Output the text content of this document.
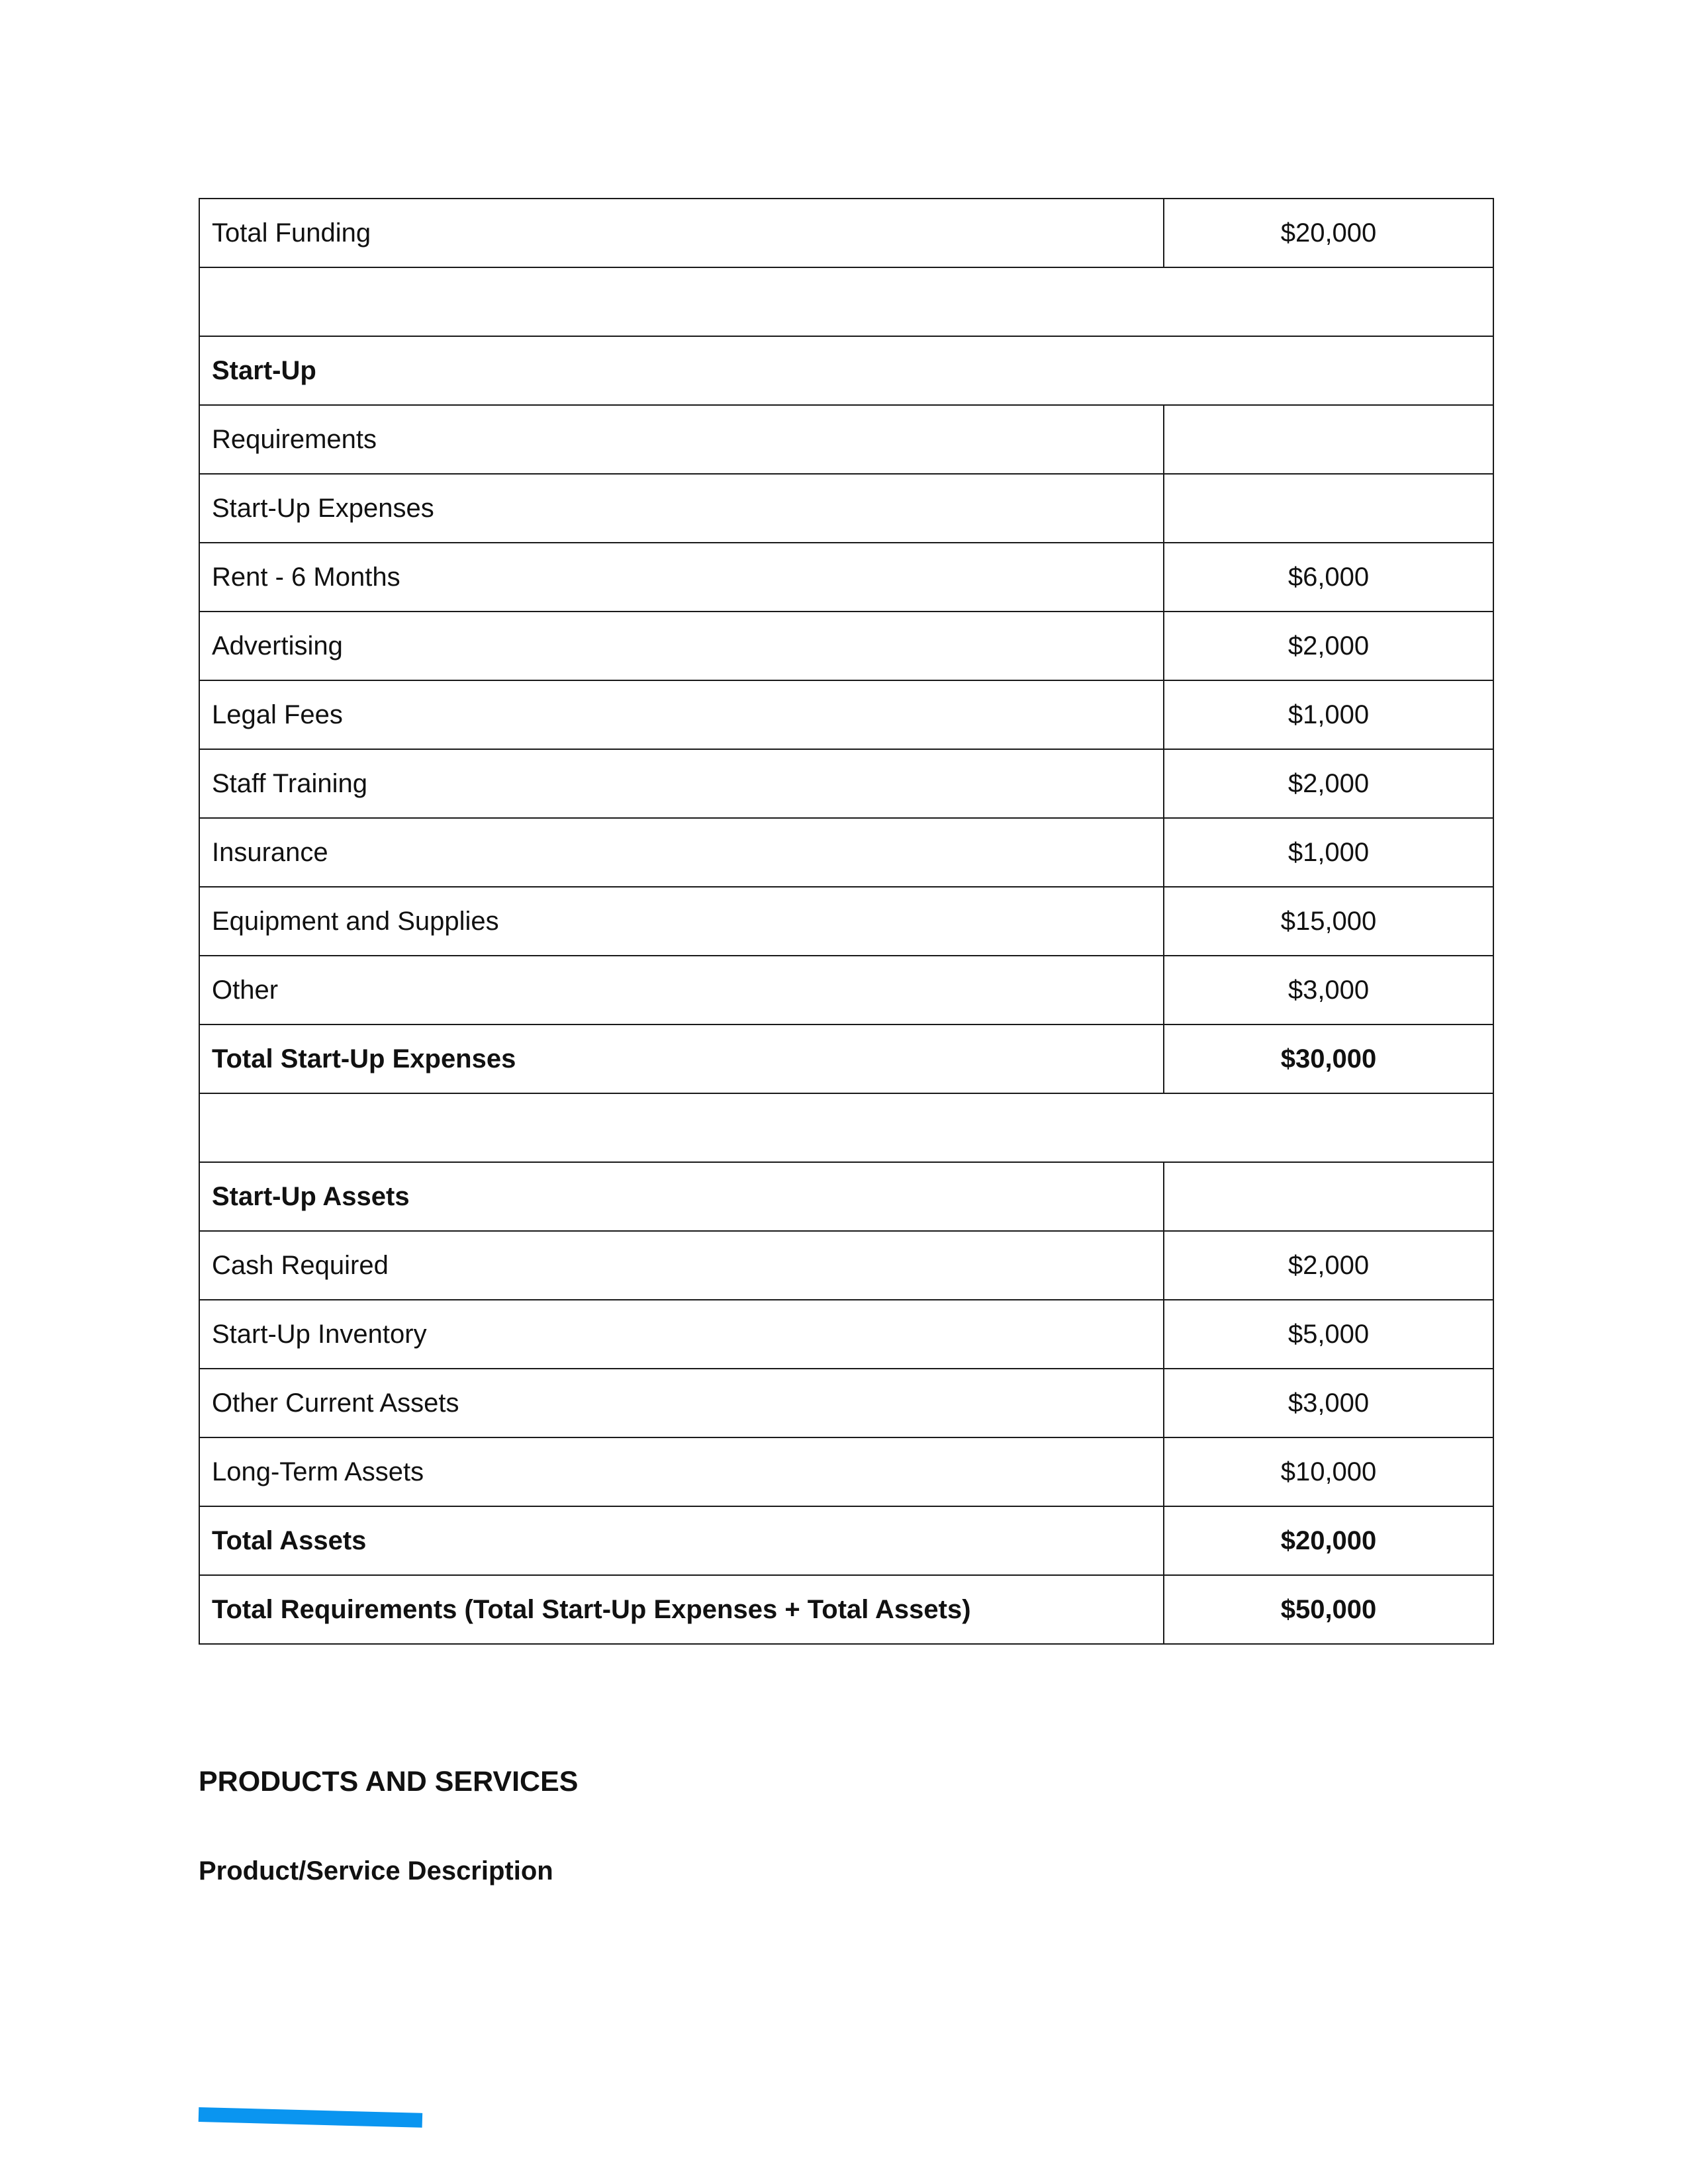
Total Funding	$20,000

Start-Up	
Requirements	
Start-Up Expenses	
Rent - 6 Months	$6,000
Advertising	$2,000
Legal Fees	$1,000
Staff Training	$2,000
Insurance	$1,000
Equipment and Supplies	$15,000
Other	$3,000
Total Start-Up Expenses	$30,000

Start-Up Assets	
Cash Required	$2,000
Start-Up Inventory	$5,000
Other Current Assets	$3,000
Long-Term Assets	$10,000
Total Assets	$20,000
Total Requirements (Total Start-Up Expenses + Total Assets)	$50,000
PRODUCTS AND SERVICES
Product/Service Description
